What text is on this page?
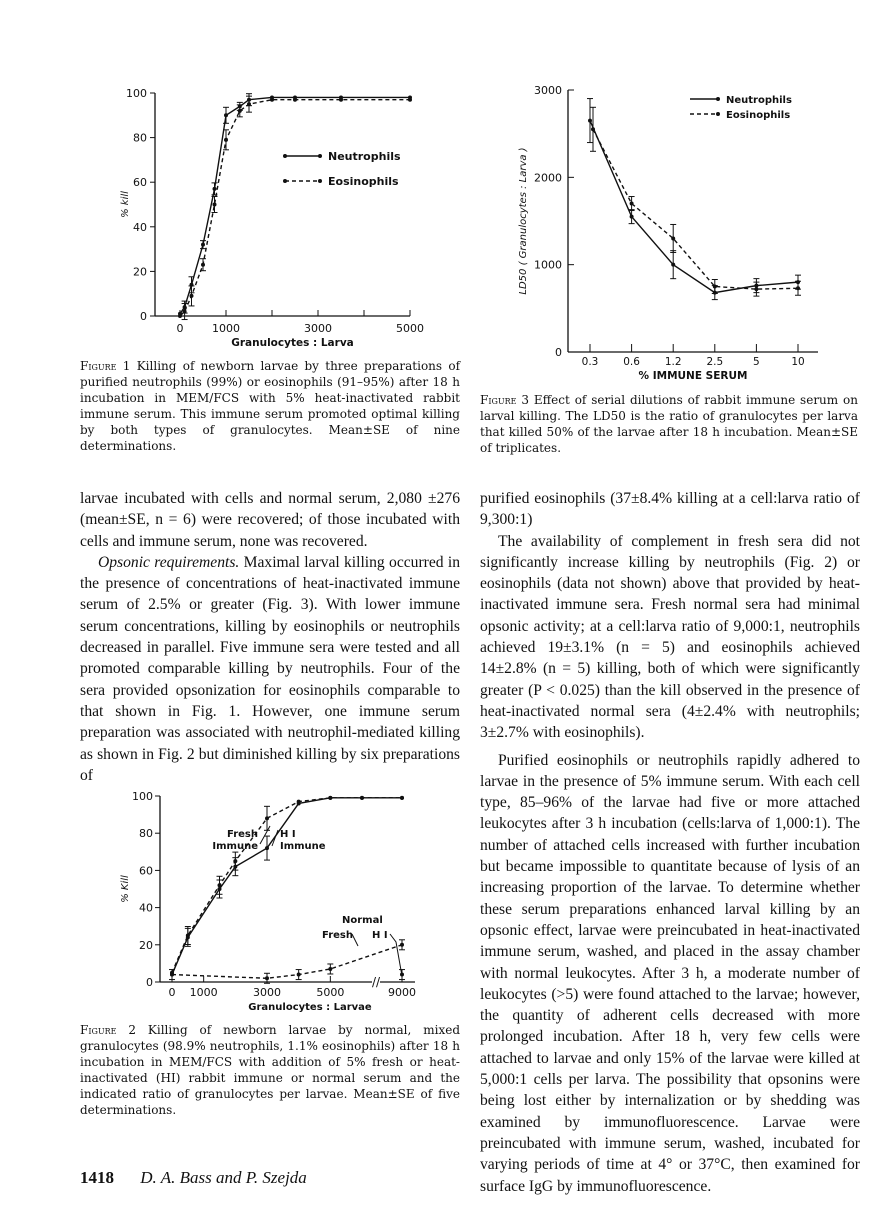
0
20
40
60
80
100
0	1000	3000	5000
Granulocytes : Larva
% kill
Neutrophils
Eosinophils
Figure 1 Killing of newborn larvae by three preparations of purified neutrophils (99%) or eosinophils (91–95%) after 18 h incubation in MEM/FCS with 5% heat-inactivated rabbit immune serum. This immune serum promoted optimal killing by both types of granulocytes. Mean±SE of nine determinations.
0
1000
2000
3000
0.3 0.6 1.2 2.5	5	10
% IMMUNE SERUM
LD50 ( Granulocytes : Larva )
Neutrophils
Eosinophils
Figure 3 Effect of serial dilutions of rabbit immune serum on larval killing. The LD50 is the ratio of granulocytes per larva that killed 50% of the larvae after 18 h incubation. Mean±SE of triplicates.

larvae incubated with cells and normal serum, 2,080 ±276 (mean±SE, n = 6) were recovered; of those incubated with cells and immune serum, none was recovered.

Opsonic requirements. Maximal larval killing occurred in the presence of concentrations of heat-inactivated immune serum of 2.5% or greater (Fig. 3). With lower immune serum concentrations, killing by eosinophils or neutrophils decreased in parallel. Five immune sera were tested and all promoted comparable killing by neutrophils. Four of the sera provided opsonization for eosinophils comparable to that shown in Fig. 1. However, one immune serum preparation was associated with neutrophil-mediated killing as shown in Fig. 2 but diminished killing by six preparations of

//
0
20
40
60
80
100
0 1000	3000	5000	9000
Granulocytes : Larvae
% Kill
Fresh Immune
H I Immune
Normal
Fresh H I
Figure 2 Killing of newborn larvae by normal, mixed granulocytes (98.9% neutrophils, 1.1% eosinophils) after 18 h incubation in MEM/FCS with addition of 5% fresh or heat-inactivated (HI) rabbit immune or normal serum and the indicated ratio of granulocytes per larvae. Mean±SE of five determinations.

purified eosinophils (37±8.4% killing at a cell:larva ratio of 9,300:1)

The availability of complement in fresh sera did not significantly increase killing by neutrophils (Fig. 2) or eosinophils (data not shown) above that provided by heat-inactivated immune sera. Fresh normal sera had minimal opsonic activity; at a cell:larva ratio of 9,000:1, neutrophils achieved 19±3.1% (n = 5) and eosinophils achieved 14±2.8% (n = 5) killing, both of which were significantly greater (P < 0.025) than the kill observed in the presence of heat-inactivated normal sera (4±2.4% with neutrophils; 3±2.7% with eosinophils).

Purified eosinophils or neutrophils rapidly adhered to larvae in the presence of 5% immune serum. With each cell type, 85–96% of the larvae had five or more attached leukocytes after 3 h incubation (cells:larva of 1,000:1). The number of attached cells increased with further incubation but became impossible to quantitate because of lysis of an increasing proportion of the larvae. To determine whether these serum preparations enhanced larval killing by an opsonic effect, larvae were preincubated in heat-inactivated immune serum, washed, and placed in the assay chamber with normal leukocytes. After 3 h, a moderate number of leukocytes (>5) were found attached to the larvae; however, the quantity of adherent cells decreased with more prolonged incubation. After 18 h, very few cells were attached to larvae and only 15% of the larvae were killed at 5,000:1 cells per larva. The possibility that opsonins were being lost either by internalization or by shedding was examined by immunofluorescence. Larvae were preincubated with immune serum, washed, incubated for varying periods of time at 4° or 37°C, then examined for surface IgG by immunofluorescence.

1418 D. A. Bass and P. Szejda
